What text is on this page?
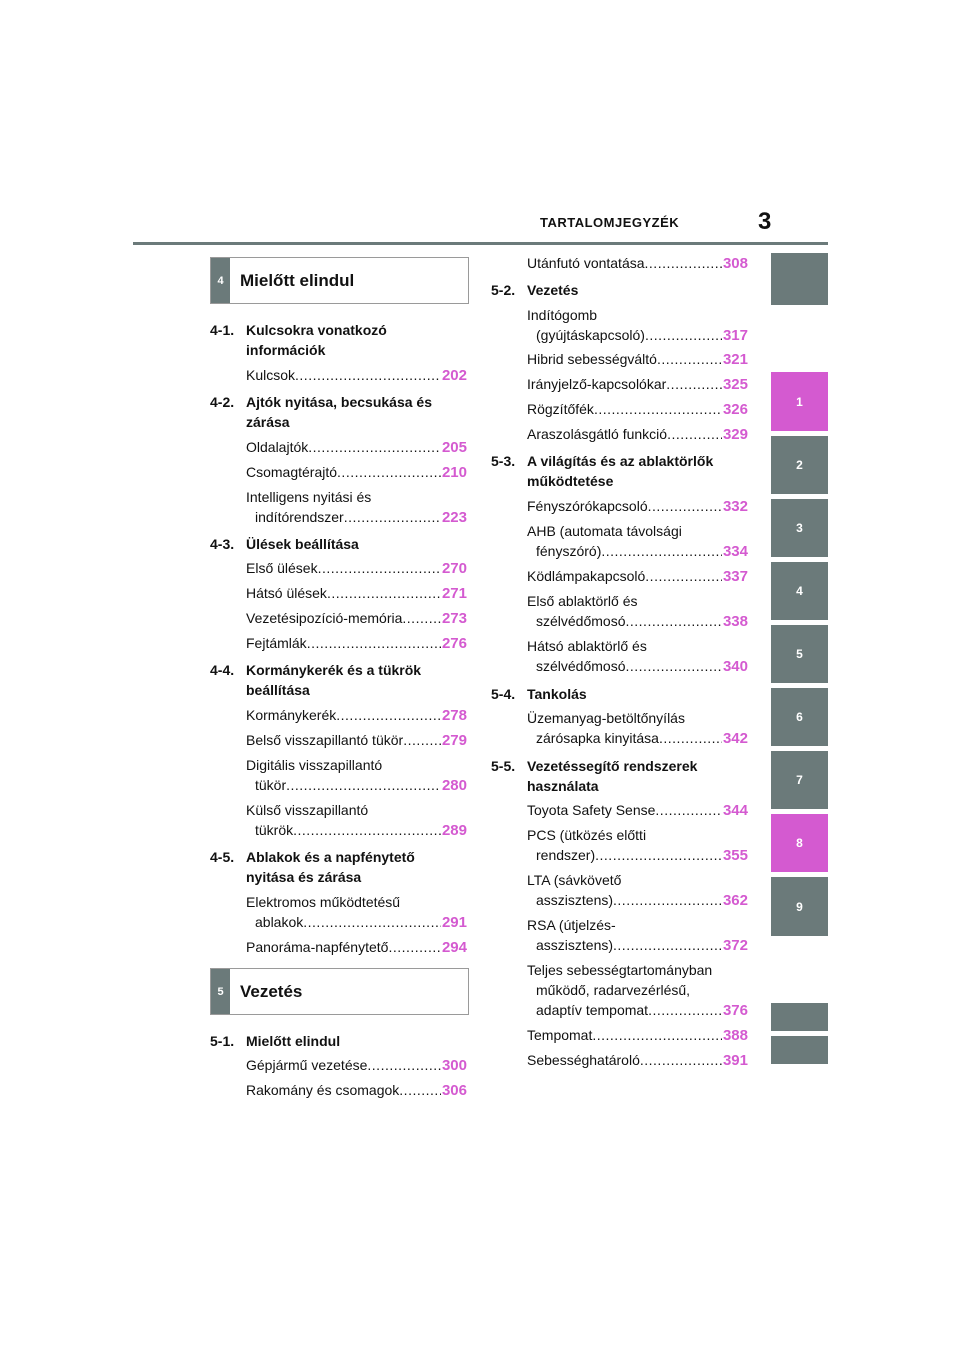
TARTALOMJEGYZÉK	3
1
2
3
4
5
6
7
8
9
4 Mielőtt elindul
5 Vezetés
4-1. Kulcsokra vonatkozó

információk
Kulcsok .....	202
4-2. Ajtók nyitása, becsukása és
zárása
Oldalajtók .....	205
Csomagtérajtó .....	210
Intelligens nyitási és
indítórendszer .....	223
4-3. Ülések beállítása
Első ülések .....	270
Hátsó ülések .....	271
Vezetésipozíció-memória .....	273
Fejtámlák .....	276
4-4. Kormánykerék és a tükrök
beállítása
Kormánykerék .....	278
Belső visszapillantó tükör .....	279
Digitális visszapillantó
tükör .....	280
Külső visszapillantó
tükrök .....	289
4-5. Ablakok és a napfénytető
nyitása és zárása
Elektromos működtetésű
ablakok .....	291
Panoráma-napfénytető .....	294
5-1. Mielőtt elindul
Gépjármű vezetése .....	300
Rakomány és csomagok .....	306
Utánfutó vontatása .....	308
5-2. Vezetés
Indítógomb
(gyújtáskapcsoló) .....	317
Hibrid sebességváltó .....	321
Irányjelző-kapcsolókar .....	325
Rögzítőfék .....	326
Araszolásgátló funkció .....	329
5-3. A világítás és az ablaktörlők
működtetése
Fényszórókapcsoló .....	332
AHB (automata távolsági
fényszóró) .....	334
Ködlámpakapcsoló .....	337
Első ablaktörlő és
szélvédőmosó .....	338
Hátsó ablaktörlő és
szélvédőmosó .....	340
5-4. Tankolás
Üzemanyag-betöltőnyílás
zárósapka kinyitása .....	342
5-5. Vezetéssegítő rendszerek
használata
Toyota Safety Sense .....	344
PCS (ütközés előtti
rendszer) .....	355
LTA (sávkövető
asszisztens) .....	362
RSA (útjelzés-
asszisztens) .....	372
Teljes sebességtartományban
működő, radarvezérlésű,
adaptív tempomat .....	376
Tempomat .....	388
Sebességhatároló .....	391
